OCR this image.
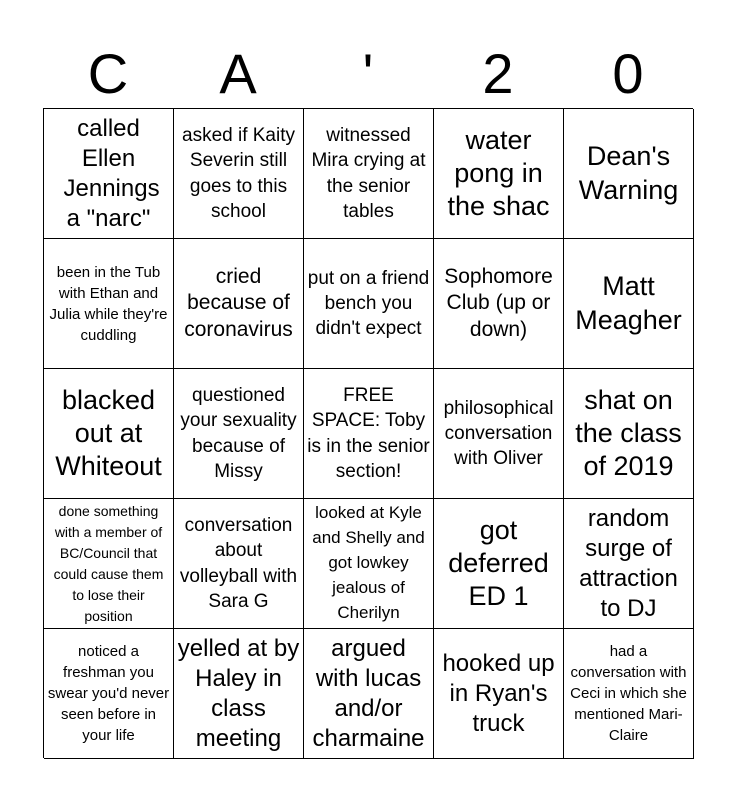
C	A	'	2	0
called Ellen Jennings a "narc"
asked if Kaity Severin still goes to this school
witnessed Mira crying at the senior tables
water pong in the shac
Dean's Warning
been in the Tub with Ethan and Julia while they're cuddling
cried because of coronavirus
put on a friend bench you didn't expect
Sophomore Club (up or down)
Matt Meagher
blacked out at Whiteout
questioned your sexuality because of Missy
FREE SPACE: Toby is in the senior section!
philosophical conversation with Oliver
shat on the class of 2019
done something with a member of BC/Council that could cause them to lose their position
conversation about volleyball with Sara G
looked at Kyle and Shelly and got lowkey jealous of Cherilyn
got deferred ED 1
random surge of attraction to DJ
noticed a freshman you swear you'd never seen before in your life
yelled at by Haley in class meeting
argued with lucas and/or charmaine
hooked up in Ryan's truck
had a conversation with Ceci in which she mentioned Mari-Claire
